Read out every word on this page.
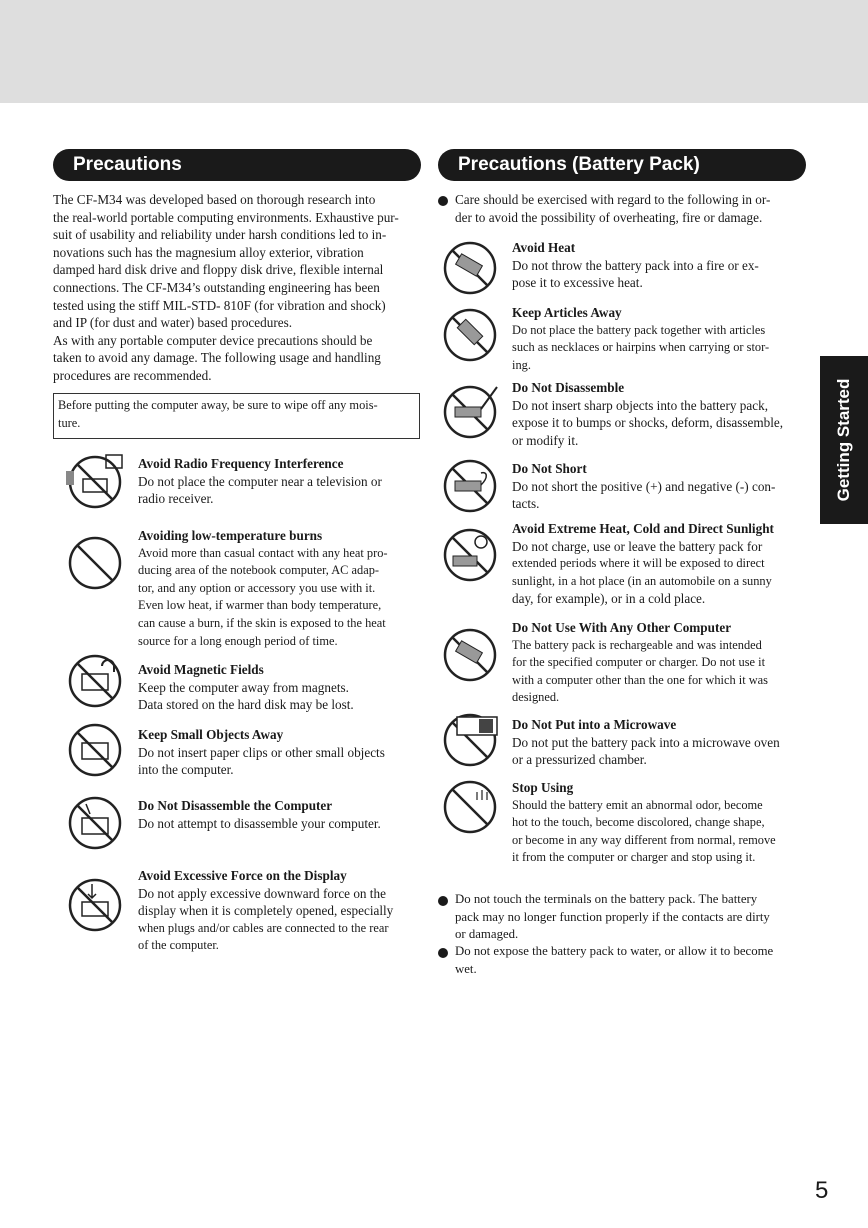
Precautions
The CF-M34 was developed based on thorough research into
the real-world portable computing environments. Exhaustive pur-
suit of usability and reliability under harsh conditions led to in-
novations such has the magnesium alloy exterior, vibration
damped hard disk drive and floppy disk drive, flexible internal
connections. The CF-M34’s outstanding engineering has been
tested using the stiff MIL-STD- 810F (for vibration and shock)
and IP (for dust and water) based procedures.
As with any portable computer device precautions should be
taken to avoid any damage. The following usage and handling
procedures are recommended.
Before putting the computer away, be sure to wipe off any mois-
ture.
Avoid Radio Frequency Interference
Do not place the computer near a television or
radio receiver.
Avoiding low-temperature burns
Avoid more than casual contact with any heat pro-
ducing area of the notebook computer, AC adap-
tor, and any option or accessory you use with it.
Even low heat, if warmer than body temperature,
can cause a burn, if the skin is exposed to the heat
source for a long enough period of time.
Avoid Magnetic Fields
Keep the computer away from magnets.
Data stored on the hard disk may be lost.
Keep Small Objects Away
Do not insert paper clips or other small objects
into the computer.
Do Not Disassemble the Computer
Do not attempt to disassemble your computer.
Avoid Excessive Force on the Display
Do not apply excessive downward force on the
display when it is completely opened, especially
when plugs and/or cables are connected to the rear
of the computer.
Precautions (Battery Pack)
Care should be exercised with regard to the following in or-
der to avoid the possibility of overheating, fire or damage.
Avoid Heat
Do not throw the battery pack into a fire or ex-
pose it to excessive heat.
Keep Articles Away
Do not place the battery pack together with articles
such as necklaces or hairpins when carrying or stor-
ing.
Do Not Disassemble
Do not insert sharp objects into the battery pack,
expose it to bumps or shocks, deform, disassemble,
or modify it.
Do Not Short
Do not short the positive (+) and negative (-) con-
tacts.
Avoid Extreme Heat, Cold and Direct Sunlight
Do not charge, use or leave the battery pack for
extended periods where it will be exposed to direct
sunlight, in a hot place (in an automobile on a sunny
day, for example), or in a cold place.
Do Not Use With Any Other Computer
The battery pack is rechargeable and was intended
for the specified computer or charger. Do not use it
with a computer other than the one for which it was
designed.
Do Not Put into a Microwave
Do not put the battery pack into a microwave oven
or a pressurized chamber.
Stop Using
Should the battery emit an abnormal odor, become
hot to the touch, become discolored, change shape,
or become in any way different from normal, remove
it from the computer or charger and stop using it.
Do not touch the terminals on the battery pack. The battery
pack may no longer function properly if the contacts are dirty
or damaged.
Do not expose the battery pack to water, or allow it to become
wet.
Getting Started
5
